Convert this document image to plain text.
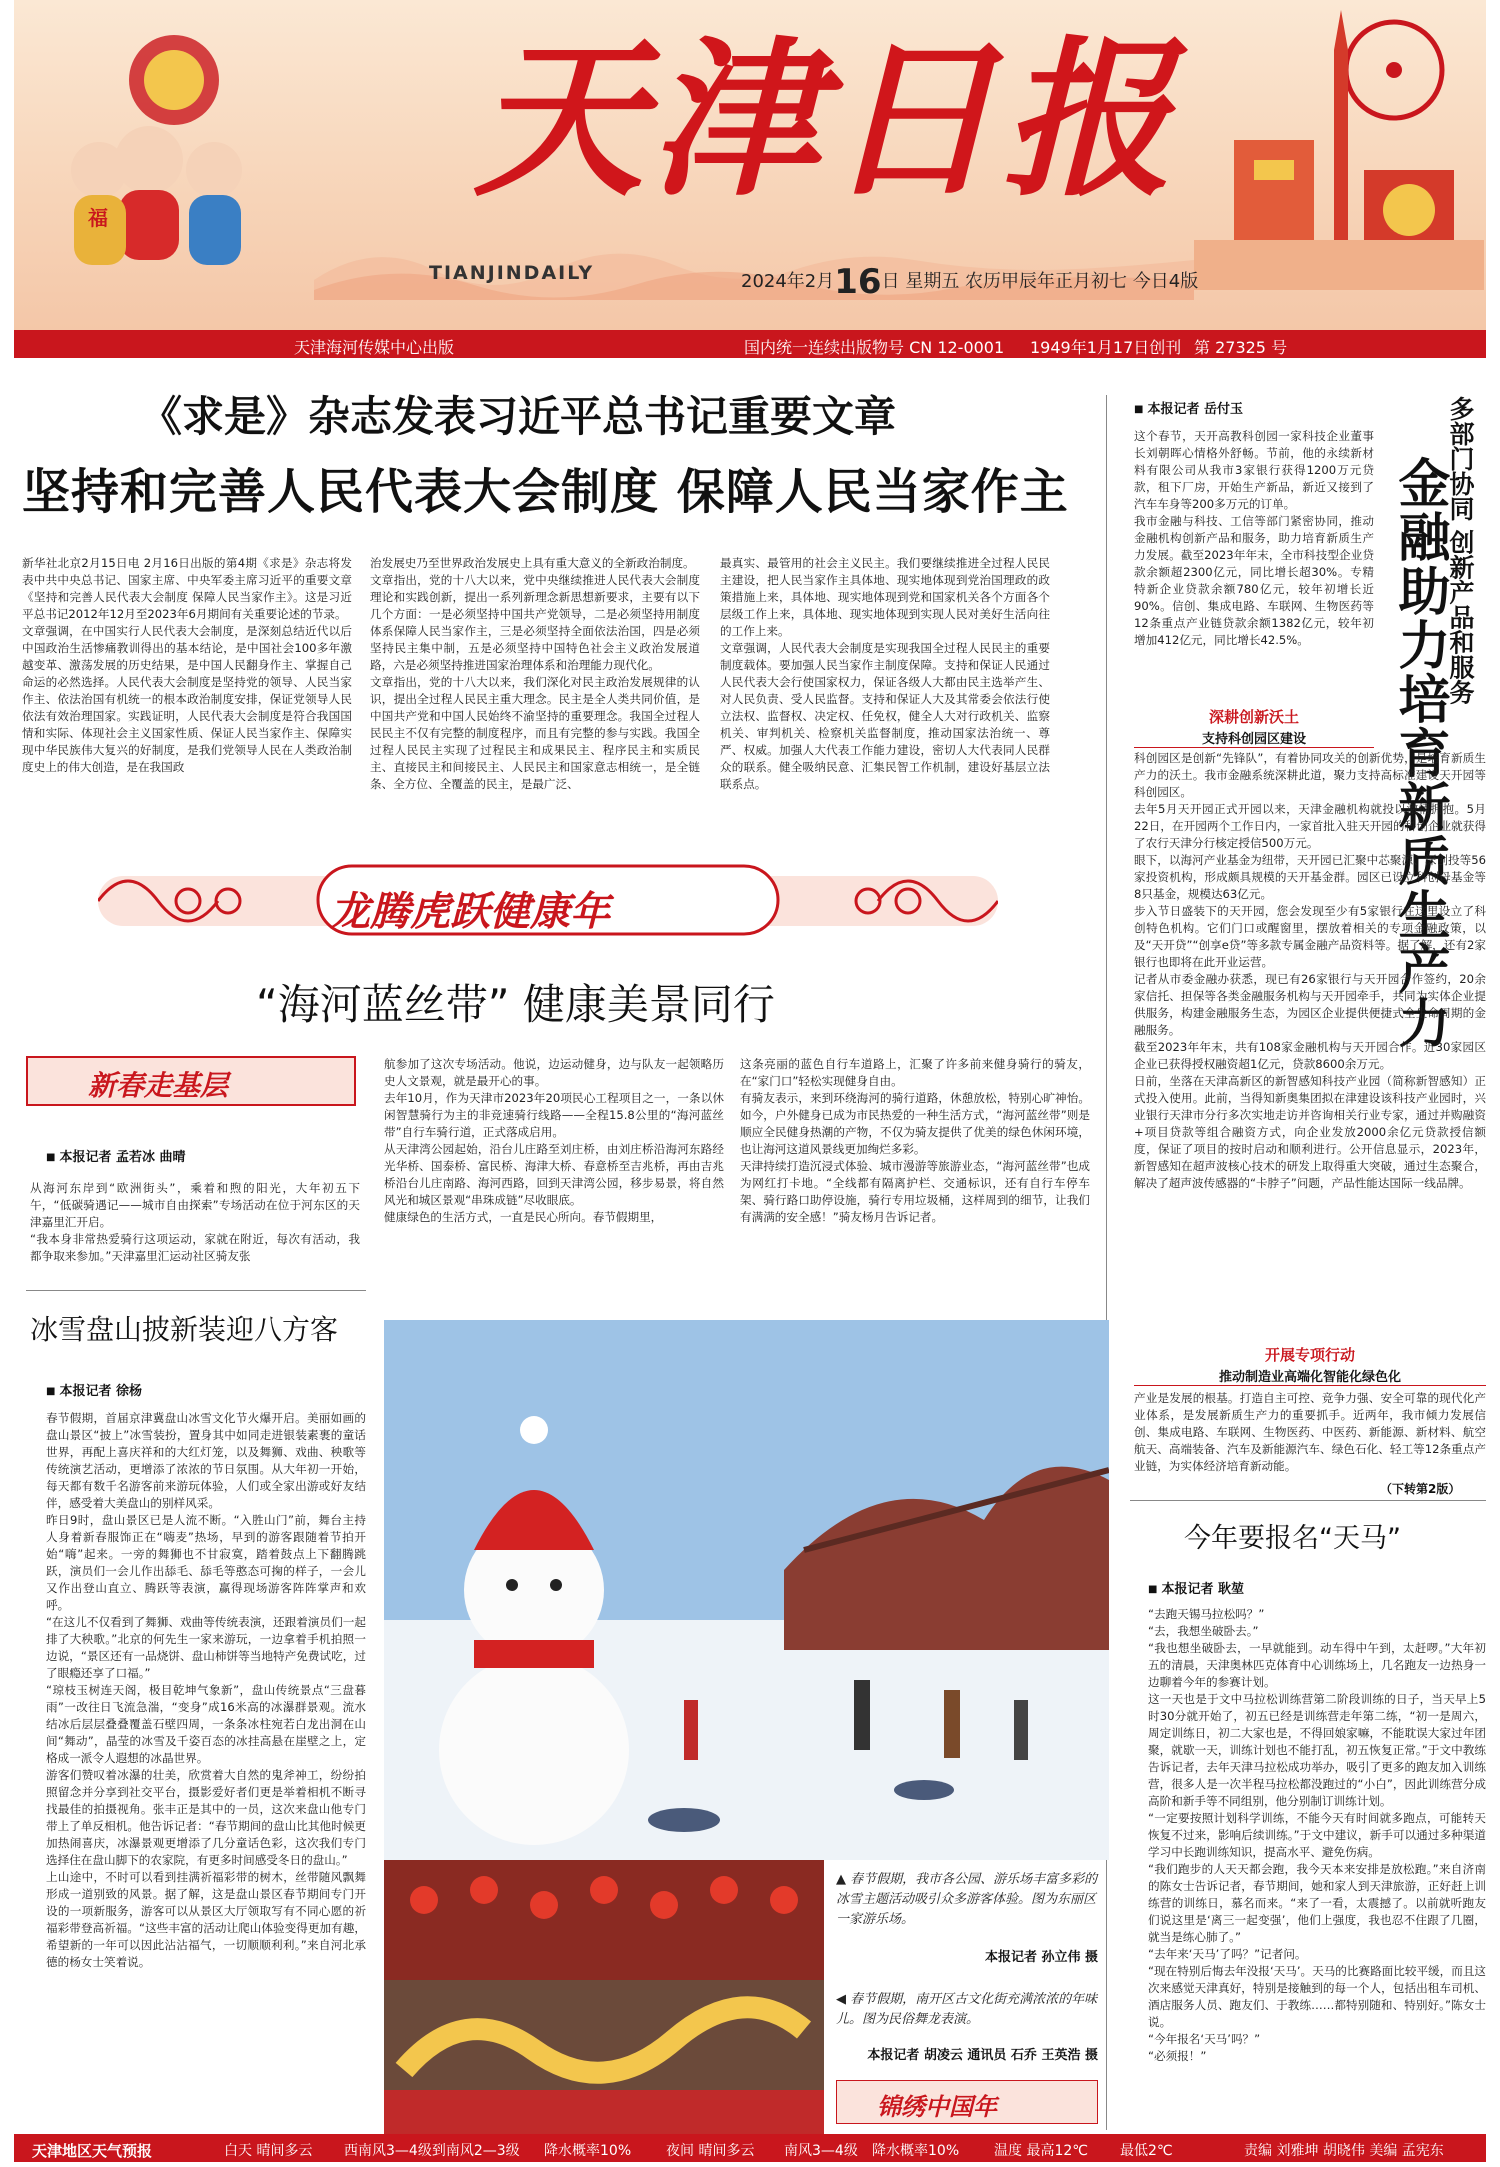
福 天津日报
TIANJINDAILY	2024年2月16日 星期五 农历甲辰年正月初七 今日4版
天津海河传媒中心出版	国内统一连续出版物号 CN 12-0001 1949年1月17日创刊 第 27325 号
《求是》杂志发表习近平总书记重要文章
坚持和完善人民代表大会制度 保障人民当家作主
新华社北京2月15日电 2月16日出版的第4期《求是》杂志将发表中共中央总书记、国家主席、中央军委主席习近平的重要文章《坚持和完善人民代表大会制度 保障人民当家作主》。这是习近平总书记2012年12月至2023年6月期间有关重要论述的节录。
文章强调，在中国实行人民代表大会制度，是深刻总结近代以后中国政治生活惨痛教训得出的基本结论，是中国社会100多年激越变革、激荡发展的历史结果，是中国人民翻身作主、掌握自己命运的必然选择。人民代表大会制度是坚持党的领导、人民当家作主、依法治国有机统一的根本政治制度安排，保证党领导人民依法有效治理国家。实践证明，人民代表大会制度是符合我国国情和实际、体现社会主义国家性质、保证人民当家作主、保障实现中华民族伟大复兴的好制度，是我们党领导人民在人类政治制度史上的伟大创造，是在我国政
治发展史乃至世界政治发展史上具有重大意义的全新政治制度。
文章指出，党的十八大以来，党中央继续推进人民代表大会制度理论和实践创新，提出一系列新理念新思想新要求，主要有以下几个方面：一是必须坚持中国共产党领导，二是必须坚持用制度体系保障人民当家作主，三是必须坚持全面依法治国，四是必须坚持民主集中制，五是必须坚持中国特色社会主义政治发展道路，六是必须坚持推进国家治理体系和治理能力现代化。
文章指出，党的十八大以来，我们深化对民主政治发展规律的认识，提出全过程人民民主重大理念。民主是全人类共同价值，是中国共产党和中国人民始终不渝坚持的重要理念。我国全过程人民民主不仅有完整的制度程序，而且有完整的参与实践。我国全过程人民民主实现了过程民主和成果民主、程序民主和实质民主、直接民主和间接民主、人民民主和国家意志相统一，是全链条、全方位、全覆盖的民主，是最广泛、
最真实、最管用的社会主义民主。我们要继续推进全过程人民民主建设，把人民当家作主具体地、现实地体现到党治国理政的政策措施上来，具体地、现实地体现到党和国家机关各个方面各个层级工作上来，具体地、现实地体现到实现人民对美好生活向往的工作上来。
文章强调，人民代表大会制度是实现我国全过程人民民主的重要制度载体。要加强人民当家作主制度保障。支持和保证人民通过人民代表大会行使国家权力，保证各级人大都由民主选举产生、对人民负责、受人民监督。支持和保证人大及其常委会依法行使立法权、监督权、决定权、任免权，健全人大对行政机关、监察机关、审判机关、检察机关监督制度，推动国家法治统一、尊严、权威。加强人大代表工作能力建设，密切人大代表同人民群众的联系。健全吸纳民意、汇集民智工作机制，建设好基层立法联系点。
龙腾虎跃健康年
“海河蓝丝带” 健康美景同行
新春走基层
■ 本报记者 孟若冰 曲晴
从海河东岸到“欧洲街头”，乘着和煦的阳光，大年初五下午，“低碳骑遇记——城市自由探索”专场活动在位于河东区的天津嘉里汇开启。
“我本身非常热爱骑行这项运动，家就在附近，每次有活动，我都争取来参加。”天津嘉里汇运动社区骑友张
航参加了这次专场活动。他说，边运动健身，边与队友一起领略历史人文景观，就是最开心的事。
去年10月，作为天津市2023年20项民心工程项目之一，一条以休闲智慧骑行为主的非竞速骑行线路——全程15.8公里的“海河蓝丝带”自行车骑行道，正式落成启用。
从天津湾公园起始，沿台儿庄路至刘庄桥，由刘庄桥沿海河东路经光华桥、国泰桥、富民桥、海津大桥、春意桥至吉兆桥，再由吉兆桥沿台儿庄南路、海河西路，回到天津湾公园，移步易景，将自然风光和城区景观“串珠成链”尽收眼底。
健康绿色的生活方式，一直是民心所向。春节假期里，
这条亮丽的蓝色自行车道路上，汇聚了许多前来健身骑行的骑友，在“家门口”轻松实现健身自由。
有骑友表示，来到环绕海河的骑行道路，休憩放松，特别心旷神怡。如今，户外健身已成为市民热爱的一种生活方式，“海河蓝丝带”则是顺应全民健身热潮的产物，不仅为骑友提供了优美的绿色休闲环境，也让海河这道风景线更加绚烂多彩。
天津持续打造沉浸式体验、城市漫游等旅游业态，“海河蓝丝带”也成为网红打卡地。“全线都有隔离护栏、交通标识，还有自行车停车架、骑行路口助停设施，骑行专用垃圾桶，这样周到的细节，让我们有满满的安全感！”骑友杨月告诉记者。
冰雪盘山披新装迎八方客
■ 本报记者 徐杨
春节假期，首届京津冀盘山冰雪文化节火爆开启。美丽如画的盘山景区“披上”冰雪装扮，置身其中如同走进银装素裹的童话世界，再配上喜庆祥和的大红灯笼，以及舞狮、戏曲、秧歌等传统演艺活动，更增添了浓浓的节日氛围。从大年初一开始，每天都有数千名游客前来游玩体验，人们或全家出游或好友结伴，感受着大美盘山的别样风采。
昨日9时，盘山景区已是人流不断。“入胜山门”前，舞台主持人身着新春服饰正在“嗨麦”热场，早到的游客跟随着节拍开始“嗨”起来。一旁的舞狮也不甘寂寞，踏着鼓点上下翻腾跳跃，演员们一会儿作出舔毛、舔毛等憨态可掬的样子，一会儿又作出登山直立、腾跃等表演，赢得现场游客阵阵掌声和欢呼。
“在这儿不仅看到了舞狮、戏曲等传统表演，还跟着演员们一起排了大秧歌。”北京的何先生一家来游玩，一边拿着手机拍照一边说，“景区还有一品烧饼、盘山柿饼等当地特产免费试吃，过了眼瘾还享了口福。”
“琼枝玉树连天阁，极目乾坤气象新”，盘山传统景点“三盘暮雨”一改往日飞流急湍，“变身”成16米高的冰瀑群景观。流水结冰后层层叠叠覆盖石壁四周，一条条冰柱宛若白龙出洞在山间“舞动”，晶莹的冰雪及千姿百态的冰挂高悬在崖壁之上，定格成一派令人遐想的冰晶世界。
游客们赞叹着冰瀑的壮美，欣赏着大自然的鬼斧神工，纷纷拍照留念并分享到社交平台，摄影爱好者们更是举着相机不断寻找最佳的拍摄视角。张丰正是其中的一员，这次来盘山他专门带上了单反相机。他告诉记者：“春节期间的盘山比其他时候更加热闹喜庆，冰瀑景观更增添了几分童话色彩，这次我们专门选择住在盘山脚下的农家院，有更多时间感受冬日的盘山。”
上山途中，不时可以看到挂满祈福彩带的树木，丝带随风飘舞形成一道别致的风景。据了解，这是盘山景区春节期间专门开设的一项新服务，游客可以从景区大厅领取写有不同心愿的祈福彩带登高祈福。“这些丰富的活动让爬山体验变得更加有趣，希望新的一年可以因此沾沾福气，一切顺顺利利。”来自河北承德的杨女士笑着说。
▲ 春节假期，我市各公园、游乐场丰富多彩的冰雪主题活动吸引众多游客体验。图为东丽区一家游乐场。
本报记者 孙立伟 摄
◀ 春节假期，南开区古文化街充满浓浓的年味儿。图为民俗舞龙表演。
本报记者 胡凌云 通讯员 石乔 王英浩 摄
锦绣中国年
■ 本报记者 岳付玉	多部门协同 创新产品和服务
金融助力培育新质生产力
这个春节，天开高教科创园一家科技企业董事长刘朝晖心情格外舒畅。节前，他的永续新材料有限公司从我市3家银行获得1200万元贷款，租下厂房，开始生产新品，新近又接到了汽车车身等200多万元的订单。
我市金融与科技、工信等部门紧密协同，推动金融机构创新产品和服务，助力培育新质生产力发展。截至2023年年末，全市科技型企业贷款余额超2300亿元，同比增长超30%。专精特新企业贷款余额780亿元，较年初增长近90%。信创、集成电路、车联网、生物医药等12条重点产业链贷款余额1382亿元，较年初增加412亿元，同比增长42.5%。
深耕创新沃土
支持科创园区建设
科创园区是创新“先锋队”，有着协同攻关的创新优势，是培育新质生产力的沃土。我市金融系统深耕此道，聚力支持高标准建设天开园等科创园区。
去年5月天开园正式开园以来，天津金融机构就投以激情拥抱。5月22日，在开园两个工作日内，一家首批入驻天开园的科创企业就获得了农行天津分行核定授信500万元。
眼下，以海河产业基金为纽带，天开园已汇聚中芯聚源、深创投等56家投资机构，形成颇具规模的天开基金群。园区已设立科创母基金等8只基金，规模达63亿元。
步入节日盛装下的天开园，您会发现至少有5家银行在这里设立了科创特色机构。它们门口或醒窗里，摆放着相关的专项金融政策，以及“天开贷”“创享e贷”等多款专属金融产品资料等。据了解，还有2家银行也即将在此开业运营。
记者从市委金融办获悉，现已有26家银行与天开园合作签约，20余家信托、担保等各类金融服务机构与天开园牵手，共同为实体企业提供服务，构建金融服务生态，为园区企业提供便捷式全生命周期的金融服务。
截至2023年年末，共有108家金融机构与天开园合作。近30家园区企业已获得授权融资超1亿元，贷款8600余万元。
日前，坐落在天津高新区的新智感知科技产业园（简称新智感知）正式投入使用。此前，当得知新奥集团拟在津建设该科技产业园时，兴业银行天津市分行多次实地走访并咨询相关行业专家，通过并购融资+项目贷款等组合融资方式，向企业发放2000余亿元贷款授信额度，保证了项目的按时启动和顺利进行。公开信息显示，2023年，新智感知在超声波核心技术的研发上取得重大突破，通过生态聚合，解决了超声波传感器的“卡脖子”问题，产品性能达国际一线品牌。
开展专项行动
推动制造业高端化智能化绿色化
产业是发展的根基。打造自主可控、竞争力强、安全可靠的现代化产业体系，是发展新质生产力的重要抓手。近两年，我市倾力发展信创、集成电路、车联网、生物医药、中医药、新能源、新材料、航空航天、高端装备、汽车及新能源汽车、绿色石化、轻工等12条重点产业链，为实体经济培育新动能。
（下转第2版）
今年要报名“天马”
■ 本报记者 耿堃
“去跑天锡马拉松吗？”
“去，我想坐破卧去。”
“我也想坐破卧去，一早就能到。动车得中午到，太赶啰。”大年初五的清晨，天津奥林匹克体育中心训练场上，几名跑友一边热身一边聊着今年的参赛计划。
这一天也是于文中马拉松训练营第二阶段训练的日子，当天早上5时30分就开始了，初五已经是训练营走年第二练，“初一是周六，周定训练日，初二大家也是，不得回娘家嘛，不能耽误大家过年团聚，就歇一天，训练计划也不能打乱，初五恢复正常。”于文中教练告诉记者，去年天津马拉松成功举办，吸引了更多的跑友加入训练营，很多人是一次半程马拉松都没跑过的“小白”，因此训练营分成高阶和新手等不同组别，他分别制订训练计划。
“一定要按照计划科学训练，不能今天有时间就多跑点，可能转天恢复不过来，影响后续训练。”于文中建议，新手可以通过多种渠道学习中长跑训练知识，提高水平、避免伤病。
“我们跑步的人天天都会跑，我今天本来安排是放松跑。”来自济南的陈女士告诉记者，春节期间，她和家人到天津旅游，正好赶上训练营的训练日，慕名而来。“来了一看，太震撼了。以前就听跑友们说这里是‘离三一起变强’，他们上强度，我也忍不住跟了几圈，就当是练心肺了。”
“去年来‘天马’了吗？”记者问。
“现在特别后悔去年没报‘天马’。天马的比赛路面比较平缓，而且这次来感觉天津真好，特别是接触到的每一个人，包括出租车司机、酒店服务人员、跑友们、于教练……都特别随和、特别好。”陈女士说。
“今年报名‘天马’吗？”
“必须报！”
天津地区天气预报	白天 晴间多云 西南风3—4级到南风2—3级 降水概率10% 夜间 晴间多云 南风3—4级 降水概率10% 温度 最高12℃ 最低2℃	责编 刘雅坤 胡晓伟 美编 孟宪东
